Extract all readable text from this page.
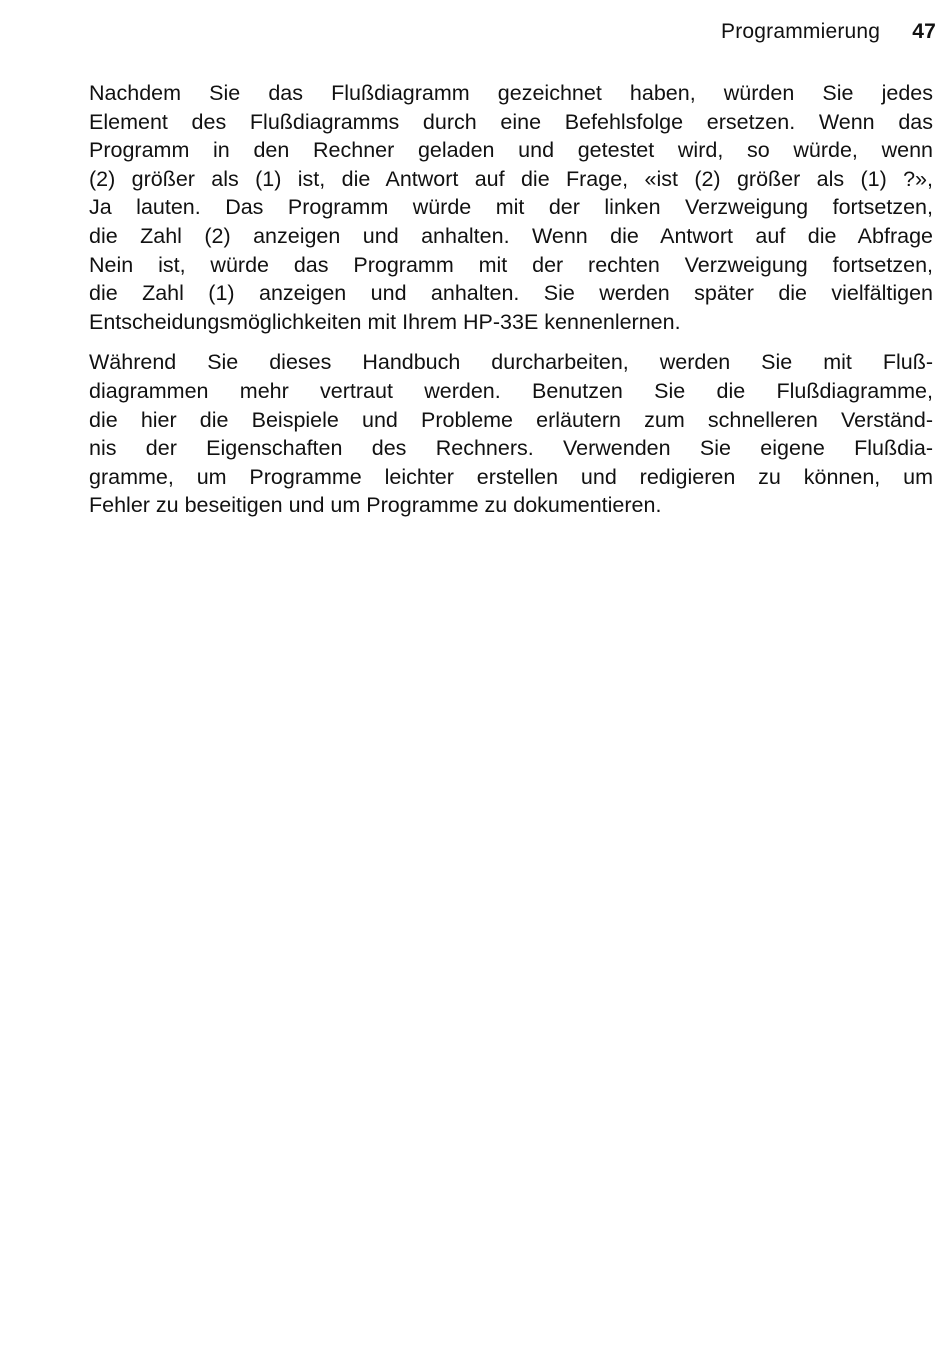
Programmierung 47
Nachdem Sie das Flußdiagramm gezeichnet haben, würden Sie jedes
Element des Flußdiagramms durch eine Befehlsfolge ersetzen. Wenn das
Programm in den Rechner geladen und getestet wird, so würde, wenn
(2) größer als (1) ist, die Antwort auf die Frage, «ist (2) größer als (1) ?»,
Ja lauten. Das Programm würde mit der linken Verzweigung fortsetzen,
die Zahl (2) anzeigen und anhalten. Wenn die Antwort auf die Abfrage
Nein ist, würde das Programm mit der rechten Verzweigung fortsetzen,
die Zahl (1) anzeigen und anhalten. Sie werden später die vielfältigen
Entscheidungsmöglichkeiten mit Ihrem HP-33E kennenlernen.
Während Sie dieses Handbuch durcharbeiten, werden Sie mit Fluß-
diagrammen mehr vertraut werden. Benutzen Sie die Flußdiagramme,
die hier die Beispiele und Probleme erläutern zum schnelleren Verständ-
nis der Eigenschaften des Rechners. Verwenden Sie eigene Flußdia-
gramme, um Programme leichter erstellen und redigieren zu können, um
Fehler zu beseitigen und um Programme zu dokumentieren.
